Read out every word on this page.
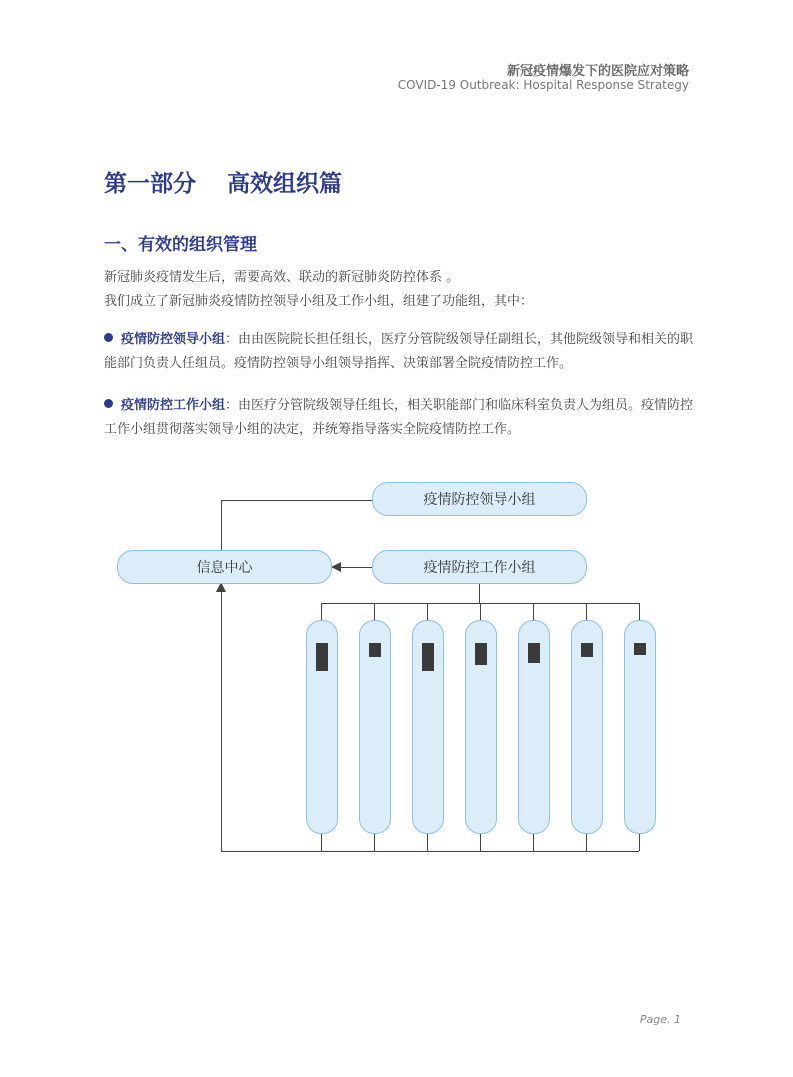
新冠疫情爆发下的医院应对策略
COVID-19 Outbreak: Hospital Response Strategy
第一部分　 高效组织篇
一、有效的组织管理
新冠肺炎疫情发生后，需要高效、联动的新冠肺炎防控体系 。
我们成立了新冠肺炎疫情防控领导小组及工作小组，组建了功能组，其中：
疫情防控领导小组：由由医院院长担任组长，医疗分管院级领导任副组长，其他院级领导和相关的职能部门负责人任组员。疫情防控领导小组领导指挥、决策部署全院疫情防控工作。
疫情防控工作小组：由医疗分管院级领导任组长，相关职能部门和临床科室负责人为组员。疫情防控工作小组贯彻落实领导小组的决定，并统筹指导落实全院疫情防控工作。
疫情防控领导小组
疫情防控工作小组
信息中心
Page. 1
